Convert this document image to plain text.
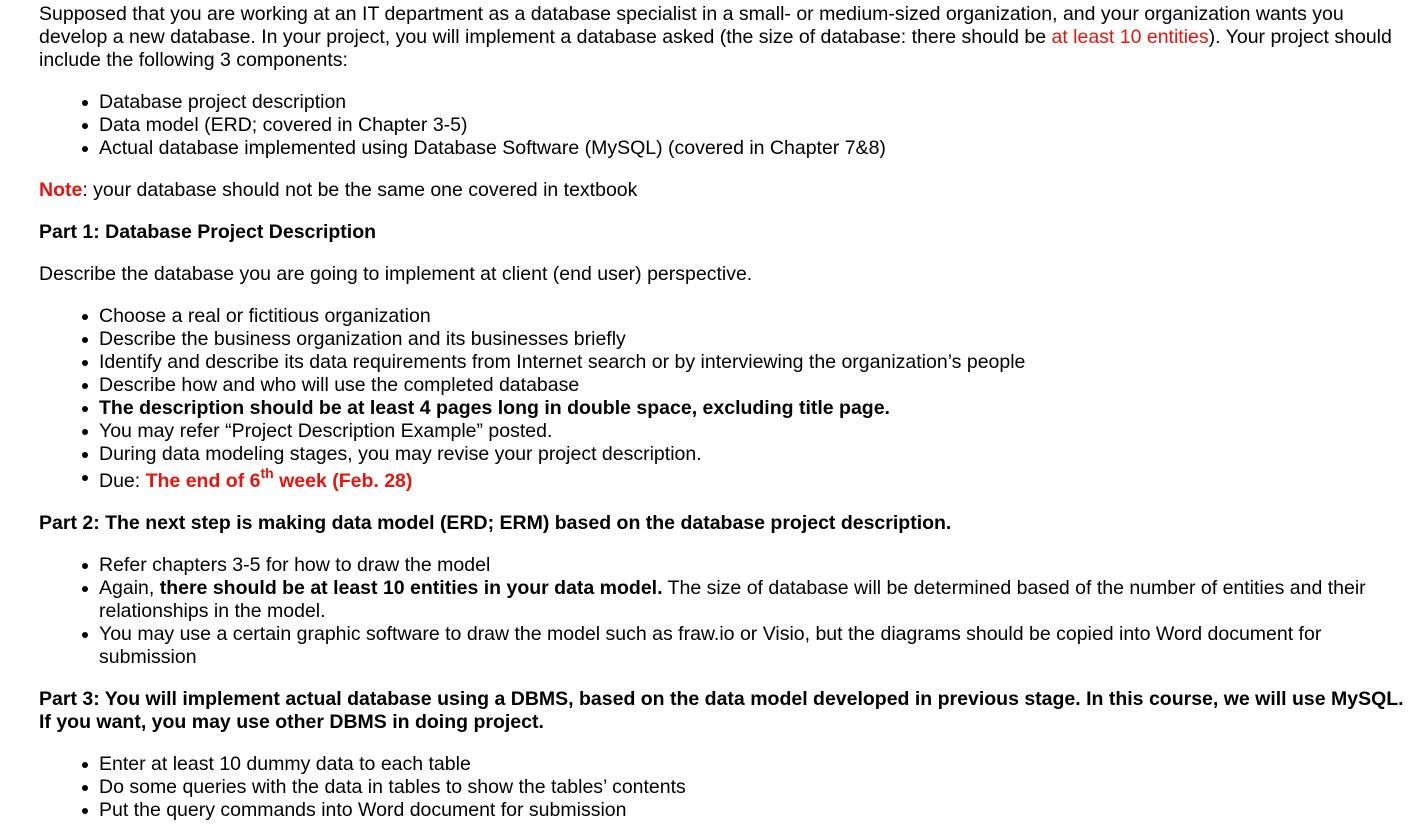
Supposed that you are working at an IT department as a database specialist in a small- or medium-sized organization, and your organization wants you develop a new database. In your project, you will implement a database asked (the size of database: there should be at least 10 entities). Your project should include the following 3 components:

Database project description
Data model (ERD; covered in Chapter 3-5)
Actual database implemented using Database Software (MySQL) (covered in Chapter 7&8)

Note: your database should not be the same one covered in textbook

Part 1: Database Project Description

Describe the database you are going to implement at client (end user) perspective.

Choose a real or fictitious organization
Describe the business organization and its businesses briefly
Identify and describe its data requirements from Internet search or by interviewing the organization’s people
Describe how and who will use the completed database
The description should be at least 4 pages long in double space, excluding title page.
You may refer “Project Description Example” posted.
During data modeling stages, you may revise your project description.
Due: The end of 6th week (Feb. 28)

Part 2: The next step is making data model (ERD; ERM) based on the database project description.

Refer chapters 3-5 for how to draw the model
Again, there should be at least 10 entities in your data model. The size of database will be determined based of the number of entities and their relationships in the model.
You may use a certain graphic software to draw the model such as fraw.io or Visio, but the diagrams should be copied into Word document for submission

Part 3: You will implement actual database using a DBMS, based on the data model developed in previous stage. In this course, we will use MySQL. If you want, you may use other DBMS in doing project.

Enter at least 10 dummy data to each table
Do some queries with the data in tables to show the tables’ contents
Put the query commands into Word document for submission
